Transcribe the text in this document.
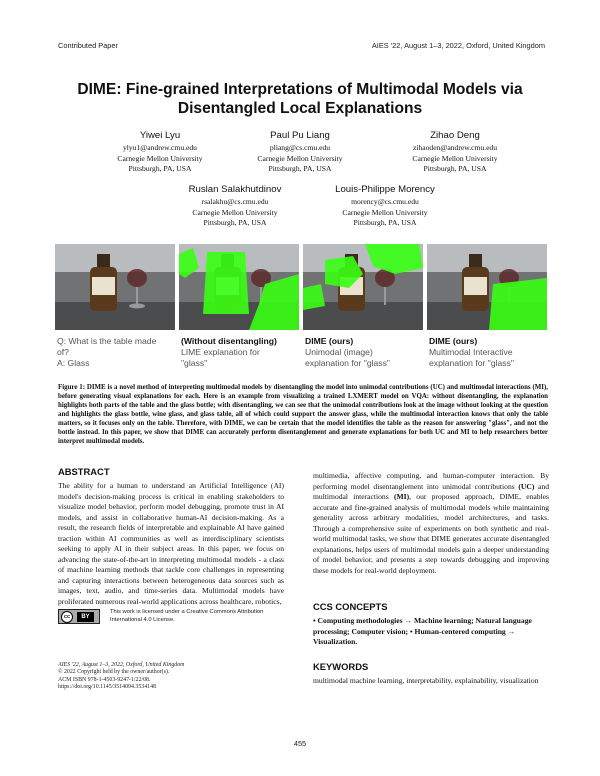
Contributed Paper	AIES '22, August 1–3, 2022, Oxford, United Kingdom
DIME: Fine-grained Interpretations of Multimodal Models via
Disentangled Local Explanations
Yiwei Lyu
ylyu1@andrew.cmu.edu
Carnegie Mellon University
Pittsburgh, PA, USA
Paul Pu Liang
pliang@cs.cmu.edu
Carnegie Mellon University
Pittsburgh, PA, USA
Zihao Deng
zihaoden@andrew.cmu.edu
Carnegie Mellon University
Pittsburgh, PA, USA
Ruslan Salakhutdinov
rsalakhu@cs.cmu.edu
Carnegie Mellon University
Pittsburgh, PA, USA
Louis-Philippe Morency
morency@cs.cmu.edu
Carnegie Mellon University
Pittsburgh, PA, USA
Q: What is the table made
of?
A: Glass
(Without disentangling)
LIME explanation for
"glass"
DIME (ours)
Unimodal (image)
explanation for "glass"
DIME (ours)
Multimodal Interactive
explanation for "glass"
Figure 1: DIME is a novel method of interpreting multimodal models by disentangling the model into unimodal contributions (UC) and multimodal interactions (MI), before generating visual explanations for each. Here is an example from visualizing a trained LXMERT model on VQA: without disentangling, the explanation highlights both parts of the table and the glass bottle; with disentangling, we can see that the unimodal contributions look at the image without looking at the question and highlights the glass bottle, wine glass, and glass table, all of which could support the answer glass, while the multimodal interaction knows that only the table matters, so it focuses only on the table. Therefore, with DIME, we can be certain that the model identifies the table as the reason for answering "glass", and not the bottle instead. In this paper, we show that DIME can accurately perform disentanglement and generate explanations for both UC and MI to help researchers better interpret multimodal models.
ABSTRACT
The ability for a human to understand an Artificial Intelligence (AI) model's decision-making process is critical in enabling stakeholders to visualize model behavior, perform model debugging, promote trust in AI models, and assist in collaborative human-AI decision-making. As a result, the research fields of interpretable and explainable AI have gained traction within AI communities as well as interdisciplinary scientists seeking to apply AI in their subject areas. In this paper, we focus on advancing the state-of-the-art in interpreting multimodal models - a class of machine learning methods that tackle core challenges in representing and capturing interactions between heterogeneous data sources such as images, text, audio, and time-series data. Multimodal models have proliferated numerous real-world applications across healthcare, robotics,
multimedia, affective computing, and human-computer interaction. By performing model disentanglement into unimodal contributions (UC) and multimodal interactions (MI), our proposed approach, DIME, enables accurate and fine-grained analysis of multimodal models while maintaining generality across arbitrary modalities, model architectures, and tasks. Through a comprehensive suite of experiments on both synthetic and real-world multimodal tasks, we show that DIME generates accurate disentangled explanations, helps users of multimodal models gain a deeper understanding of model behavior, and presents a step towards debugging and improving these models for real-world deployment.
CCS CONCEPTS
• Computing methodologies → Machine learning; Natural language processing; Computer vision; • Human-centered computing → Visualization.
KEYWORDS
multimodal machine learning, interpretability, explainability, visualization
cc	BY
This work is licensed under a Creative Commons Attribution International 4.0 License.
AIES '22, August 1–3, 2022, Oxford, United Kingdom
© 2022 Copyright held by the owner/author(s).
ACM ISBN 978-1-4503-9247-1/22/08.
https://doi.org/10.1145/3514094.3534148
455
